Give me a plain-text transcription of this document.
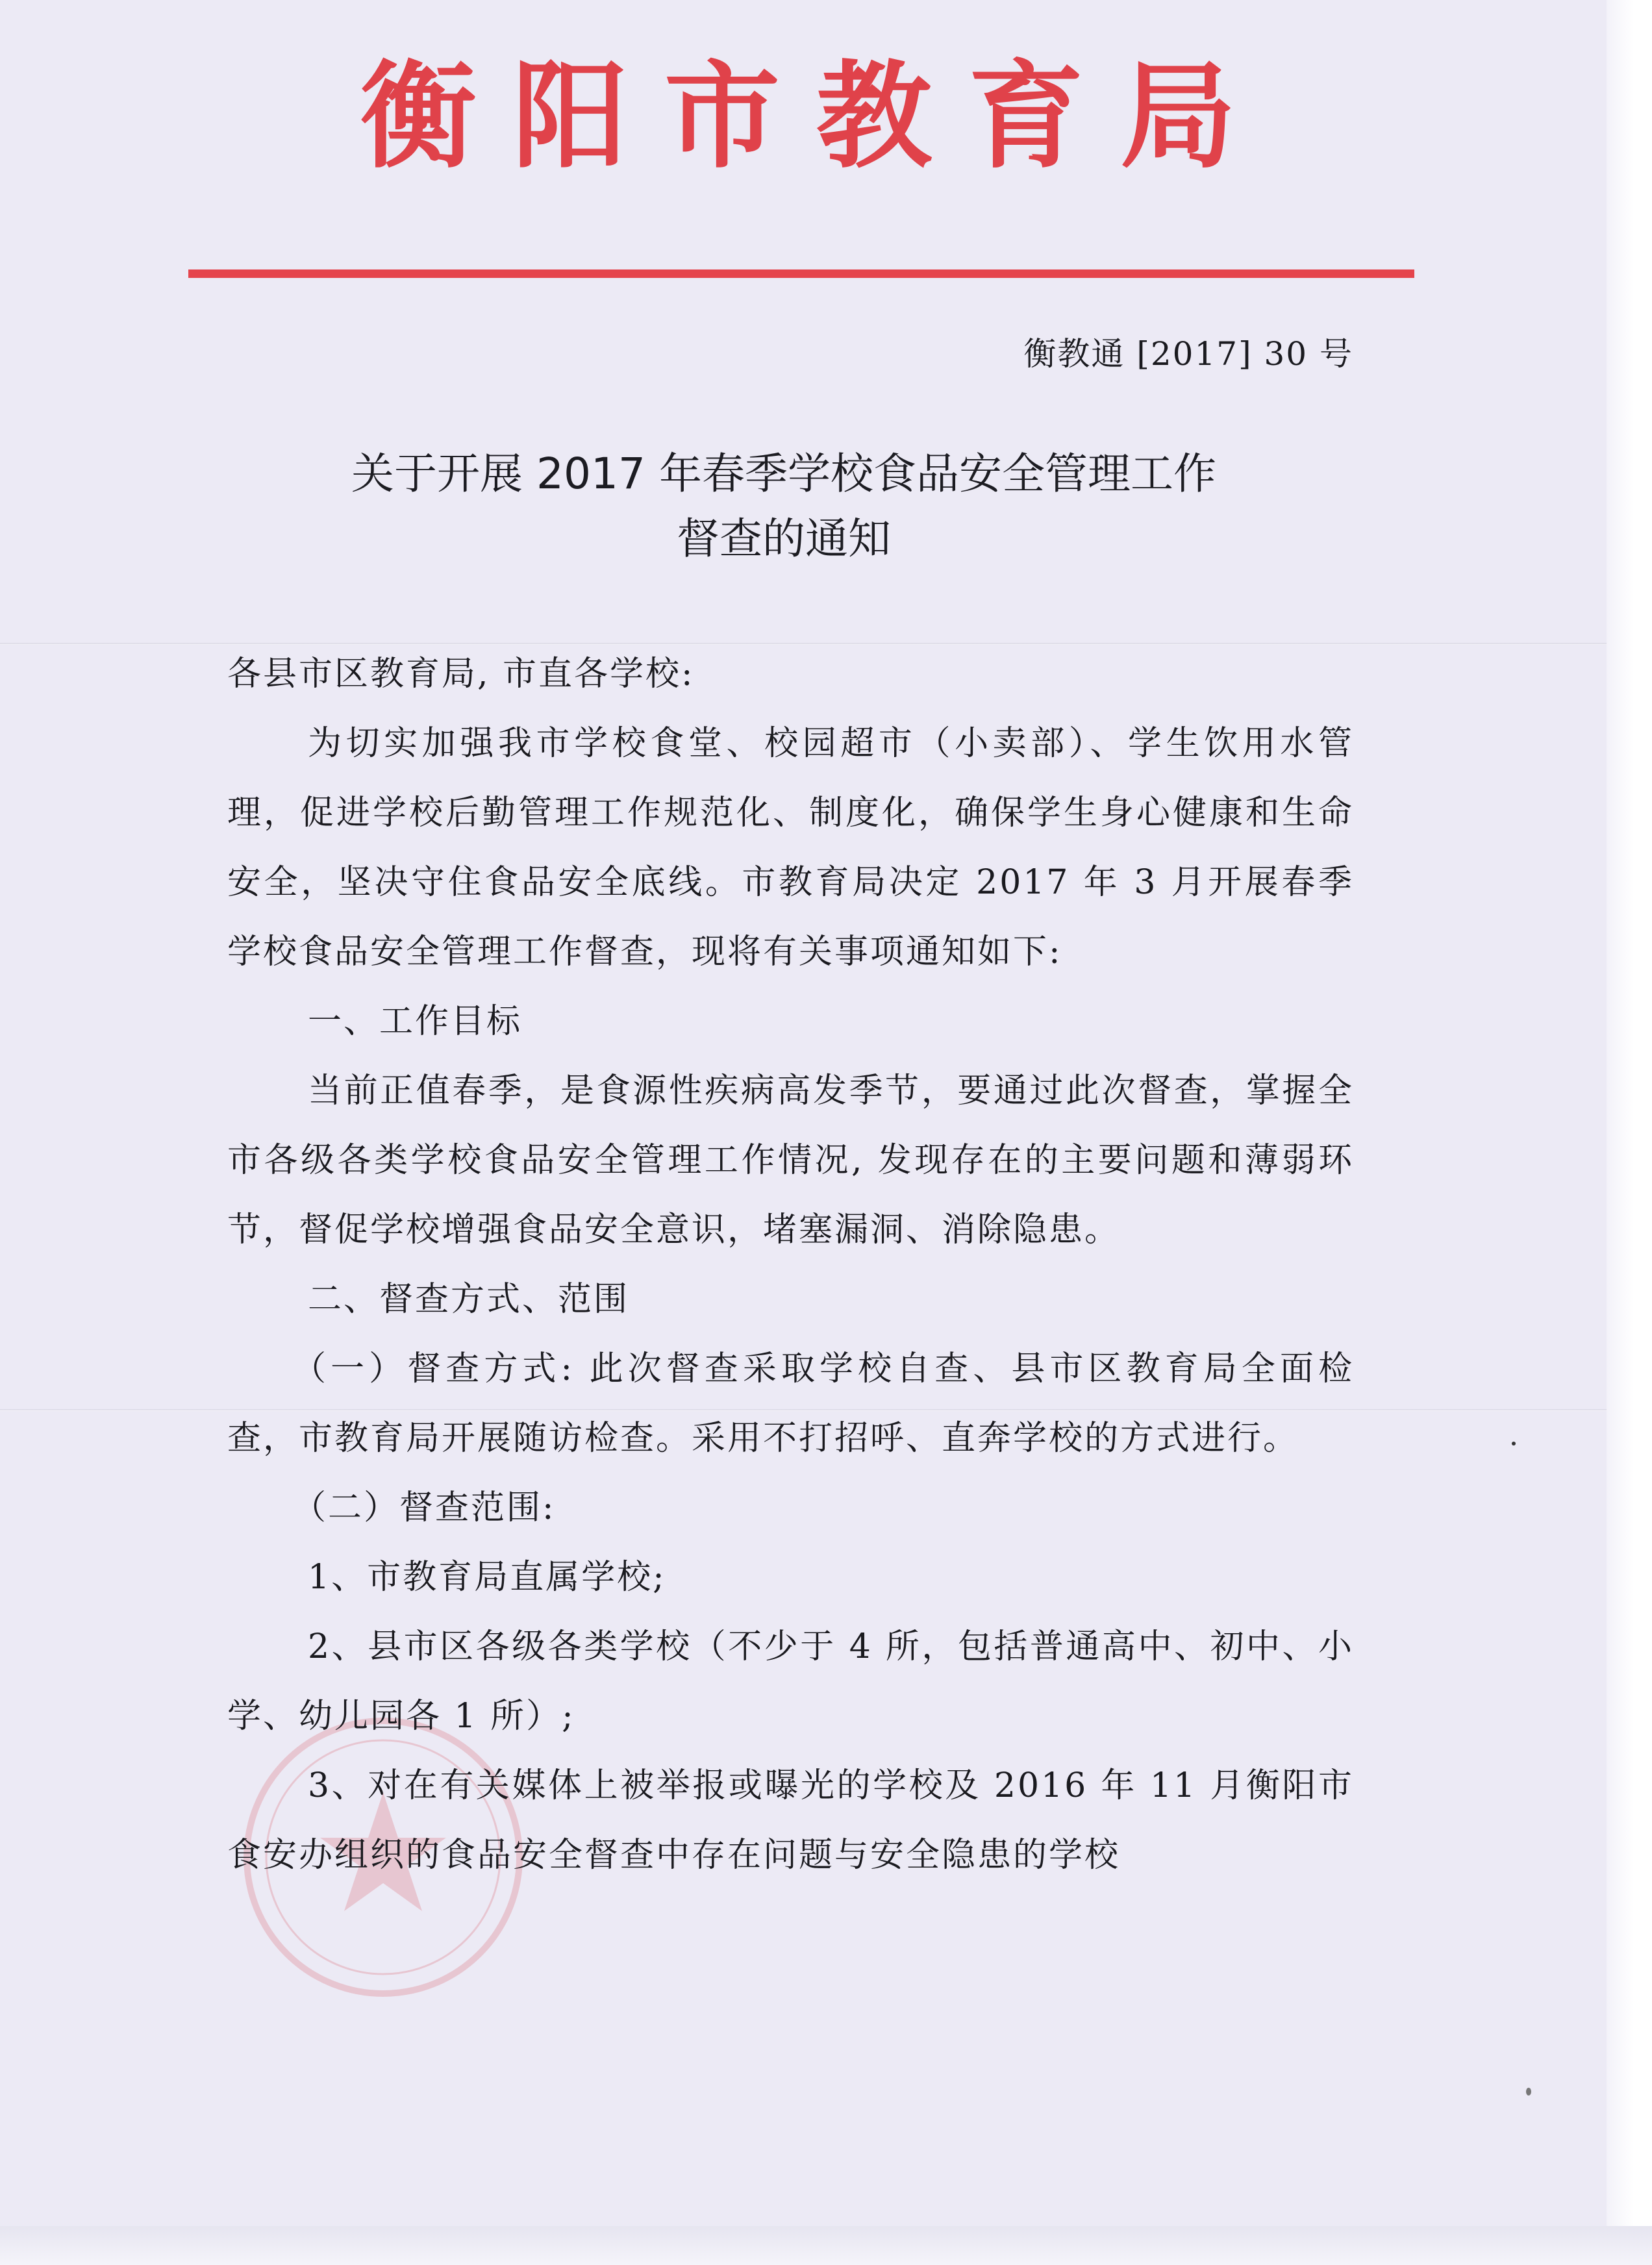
衡阳市教育局
衡教通 [2017] 30 号
关于开展 2017 年春季学校食品安全管理工作
督查的通知

各县市区教育局, 市直各学校:

为切实加强我市学校食堂、校园超市（小卖部）、学生饮用水管理，促进学校后勤管理工作规范化、制度化，确保学生身心健康和生命安全，坚决守住食品安全底线。市教育局决定 2017 年 3 月开展春季学校食品安全管理工作督查，现将有关事项通知如下:

一、工作目标

当前正值春季，是食源性疾病高发季节，要通过此次督查，掌握全市各级各类学校食品安全管理工作情况, 发现存在的主要问题和薄弱环节，督促学校增强食品安全意识，堵塞漏洞、消除隐患。

二、督查方式、范围

（一）督查方式: 此次督查采取学校自查、县市区教育局全面检查，市教育局开展随访检查。采用不打招呼、直奔学校的方式进行。

（二）督查范围:

1、市教育局直属学校;

2、县市区各级各类学校（不少于 4 所，包括普通高中、初中、小学、幼儿园各 1 所）;

3、对在有关媒体上被举报或曝光的学校及 2016 年 11 月衡阳市食安办组织的食品安全督查中存在问题与安全隐患的学校
